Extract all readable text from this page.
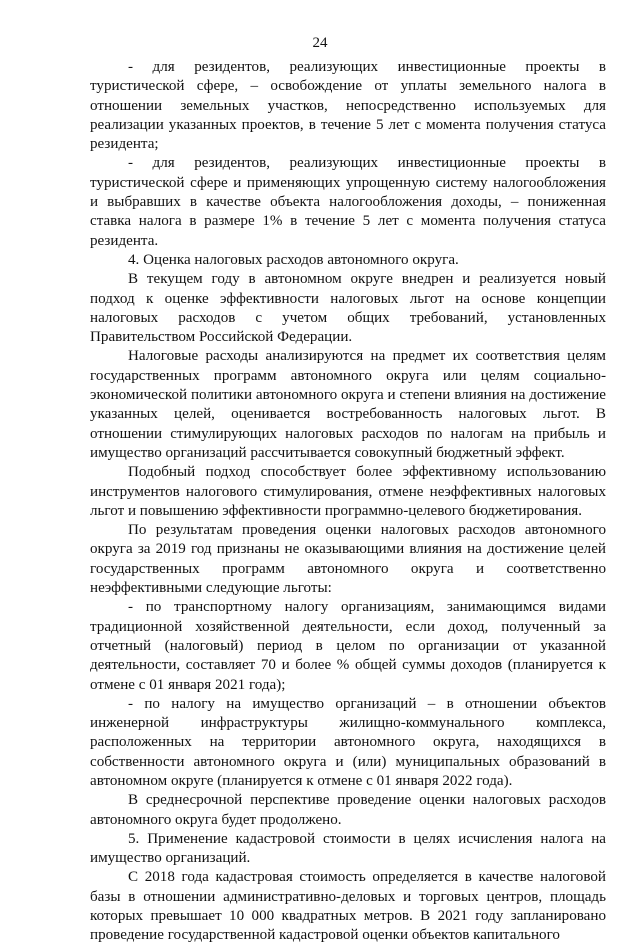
24

- для резидентов, реализующих инвестиционные проекты в туристической сфере, – освобождение от уплаты земельного налога в отношении земельных участков, непосредственно используемых для реализации указанных проектов, в течение 5 лет с момента получения статуса резидента;

- для резидентов, реализующих инвестиционные проекты в туристической сфере и применяющих упрощенную систему налогообложения и выбравших в качестве объекта налогообложения доходы, – пониженная ставка налога в размере 1% в течение 5 лет с момента получения статуса резидента.

4. Оценка налоговых расходов автономного округа.

В текущем году в автономном округе внедрен и реализуется новый подход к оценке эффективности налоговых льгот на основе концепции налоговых расходов с учетом общих требований, установленных Правительством Российской Федерации.

Налоговые расходы анализируются на предмет их соответствия целям государственных программ автономного округа или целям социально-экономической политики автономного округа и степени влияния на достижение указанных целей, оценивается востребованность налоговых льгот. В отношении стимулирующих налоговых расходов по налогам на прибыль и имущество организаций рассчитывается совокупный бюджетный эффект.

Подобный подход способствует более эффективному использованию инструментов налогового стимулирования, отмене неэффективных налоговых льгот и повышению эффективности программно-целевого бюджетирования.

По результатам проведения оценки налоговых расходов автономного округа за 2019 год признаны не оказывающими влияния на достижение целей государственных программ автономного округа и соответственно неэффективными следующие льготы:

- по транспортному налогу организациям, занимающимся видами традиционной хозяйственной деятельности, если доход, полученный за отчетный (налоговый) период в целом по организации от указанной деятельности, составляет 70 и более % общей суммы доходов (планируется к отмене с 01 января 2021 года);

- по налогу на имущество организаций – в отношении объектов инженерной инфраструктуры жилищно-коммунального комплекса, расположенных на территории автономного округа, находящихся в собственности автономного округа и (или) муниципальных образований в автономном округе (планируется к отмене с 01 января 2022 года).

В среднесрочной перспективе проведение оценки налоговых расходов автономного округа будет продолжено.

5. Применение кадастровой стоимости в целях исчисления налога на имущество организаций.

С 2018 года кадастровая стоимость определяется в качестве налоговой базы в отношении административно-деловых и торговых центров, площадь которых превышает 10 000 квадратных метров. В 2021 году запланировано проведение государственной кадастровой оценки объектов капитального
